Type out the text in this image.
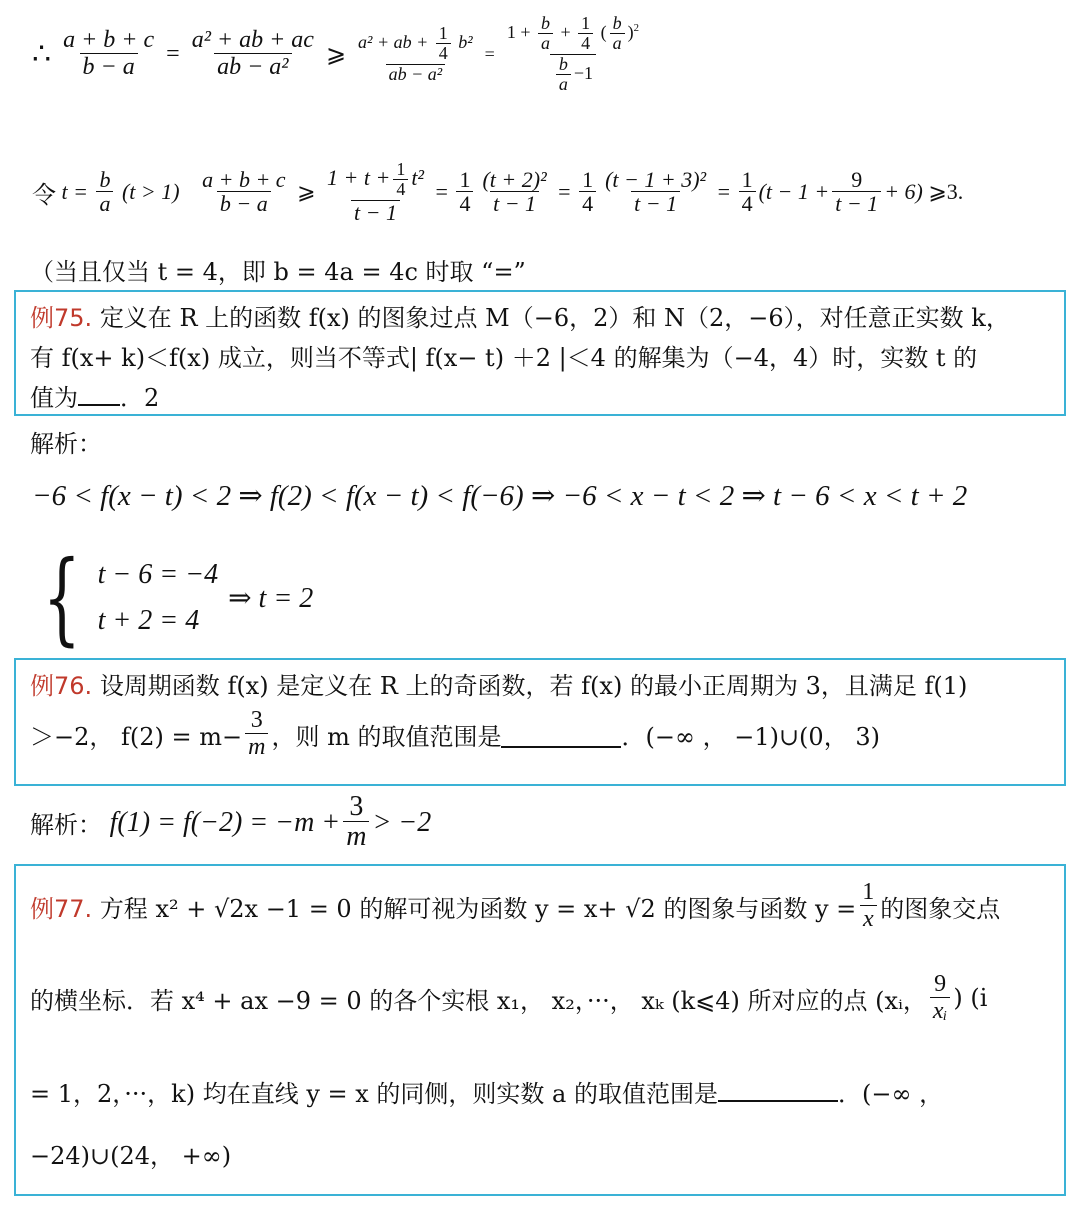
∴ $\frac{a + b + c}{b - a} = \frac{\text{a² + ab + ac}}{\text{ab − a²}}$ ⩾ $\frac{a^2 + ab + \frac{1}{4} b^2}{\text{ab − a²}} = \frac{1 + \frac{b}{a} + \frac{1}{4} ( \frac{b}{a} )^2}{\frac{b}{a} -1}$
令 $t = \frac{b}{a} (t > 1) \frac{a + b + c}{b - a}$ ⩾ $\frac{1 + t + \frac{1}{4} t^2}{t - 1} = \frac{1}{4} \frac{\text{(t + 2)²}}{t - 1} = \frac{1}{4} \frac{\text{(t − 1 + 3)²}}{t - 1} = \frac{1}{4} (t - 1 + \frac{9}{t - 1} + 6)$ ⩾3.
（当且仅当 t = 4，即 b = 4a = 4c 时取 “=”
例75. 定义在 R 上的函数 f(x) 的图象过点 M（−6，2）和 N（2，−6），对任意正实数 k，
有 f(x+ k)＜f(x) 成立，则当不等式| f(x− t) ＋2 |＜4 的解集为（−4，4）时，实数 t 的
值为 ．2
解析：
−6 < f(x − t) < 2 ⇒ f(2) < f(x − t) < f(−6) ⇒ −6 < x − t < 2 ⇒ t − 6 < x < t + 2
{ t − 6 = −4
t + 2 = 4
⇒ t = 2
例76. 设周期函数 f(x) 是定义在 R 上的奇函数，若 f(x) 的最小正周期为 3，且满足 f(1)
＞−2， $f(2) = m- \frac{3}{m}$ ，则 m 的取值范围是	．(−∞ ， −1)∪(0， 3)
解析： $f(1) = f(-2) = -m + \frac{3}{m} > -2$
例77. 方程 x² + √2x −1 = 0 的解可视为函数 y = x+ √2 的图象与函数 $y = \frac{1}{x}$ 的图象交点
的横坐标．若 x⁴ + ax −9 = 0 的各个实根 x₁， x₂，···， xₖ (k⩽4) 所对应的点 (xᵢ， $\frac{9}{\text{xᵢ}}$ ) (i
= 1，2，···，k) 均在直线 y = x 的同侧，则实数 a 的取值范围是	．(−∞ ，
−24)∪(24， +∞)
